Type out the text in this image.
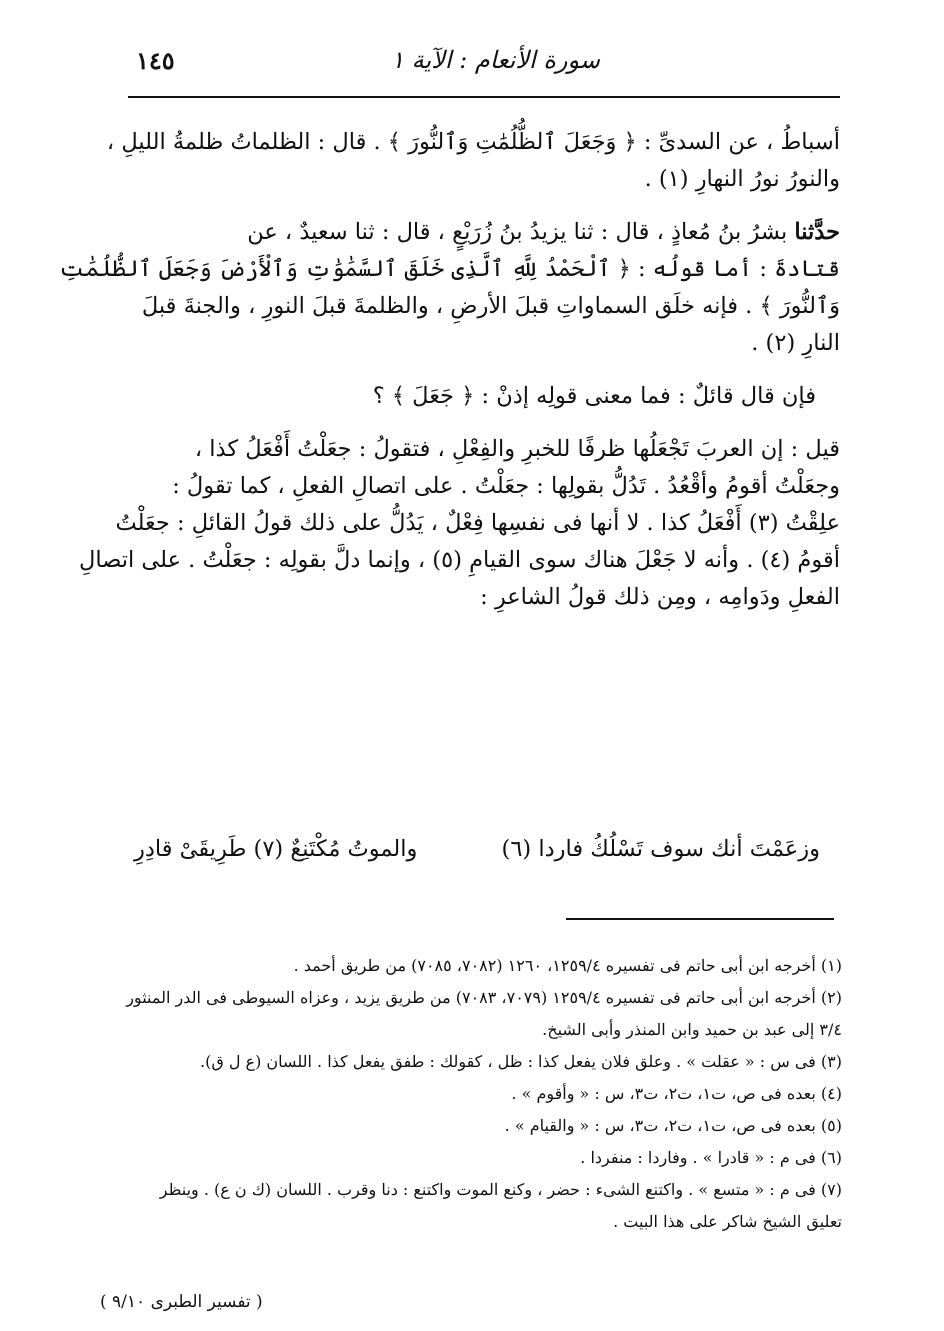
سورة الأنعام : الآية ١
١٤٥
أسباطُ ، عن السدىِّ : ﴿ وَجَعَلَ ٱلظُّلُمَٰتِ وَٱلنُّورَ ﴾ . قال : الظلماتُ ظلمةُ الليلِ ،
والنورُ نورُ النهارِ (١) .
حدَّثنا بشرُ بنُ مُعاذٍ ، قال : ثنا يزيدُ بنُ زُرَيْعٍ ، قال : ثنا سعيدٌ ، عن
قتادةَ : أما قولُه : ﴿ ٱلْحَمْدُ لِلَّهِ ٱلَّذِى خَلَقَ ٱلسَّمَٰوَٰتِ وَٱلْأَرْضَ وَجَعَلَ ٱلظُّلُمَٰتِ
وَٱلنُّورَ ﴾ . فإنه خلَق السماواتِ قبلَ الأرضِ ، والظلمةَ قبلَ النورِ ، والجنةَ قبلَ
النارِ (٢) .
فإن قال قائلٌ : فما معنى قولِه إذنْ : ﴿ جَعَلَ ﴾ ؟
قيل : إن العربَ تَجْعَلُها ظرفًا للخبرِ والفِعْلِ ، فتقولُ : جعَلْتُ أَفْعَلُ كذا ،
وجعَلْتُ أقومُ وأقْعُدُ . تَدُلُّ بقولِها : جعَلْتُ . على اتصالِ الفعلِ ، كما تقولُ :
علِقْتُ (٣) أَفْعَلُ كذا . لا أنها فى نفسِها فِعْلٌ ، يَدُلُّ على ذلك قولُ القائلِ : جعَلْتُ
أقومُ (٤) . وأنه لا جَعْلَ هناك سوى القيامِ (٥) ، وإنما دلَّ بقولِه : جعَلْتُ . على اتصالِ
الفعلِ ودَوامِه ، ومِن ذلك قولُ الشاعرِ :
وزعَمْتَ أنك سوف تَسْلُكُ فاردا (٦)
والموتُ مُكْتَنِعٌ (٧) طَرِيقَىْ قادِرِ
(١) أخرجه ابن أبى حاتم فى تفسيره ١٢٥٩/٤، ١٢٦٠ (٧٠٨٢، ٧٠٨٥) من طريق أحمد .
(٢) أخرجه ابن أبى حاتم فى تفسيره ١٢٥٩/٤ (٧٠٧٩، ٧٠٨٣) من طريق يزيد ، وعزاه السيوطى فى الدر المنثور ٣/٤ إلى عبد بن حميد وابن المنذر وأبى الشيخ.
(٣) فى س : « عقلت » . وعلق فلان يفعل كذا : ظل ، كقولك : طفق يفعل كذا . اللسان (ع ل ق).
(٤) بعده فى ص، ت١، ت٢، ت٣، س : « وأقوم » .
(٥) بعده فى ص، ت١، ت٢، ت٣، س : « والقيام » .
(٦) فى م : « قادرا » . وفاردا : منفردا .
(٧) فى م : « متسع » . واكتنع الشىء : حضر ، وكنع الموت واكتنع : دنا وقرب . اللسان (ك ن ع) . وينظر تعليق الشيخ شاكر على هذا البيت .
( تفسير الطبرى ٩/١٠ )
